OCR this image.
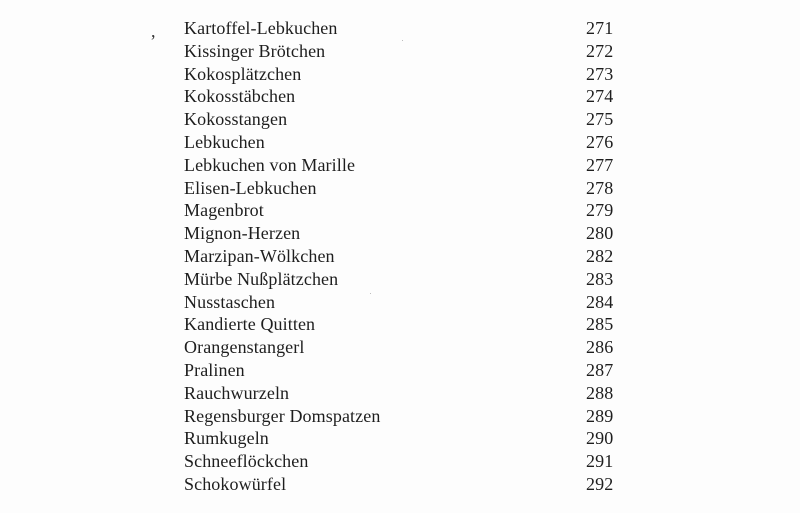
, Kartoffel-Lebkuchen	271
Kissinger Brötchen	272
Kokosplätzchen	273
Kokosstäbchen	274
Kokosstangen	275
Lebkuchen	276
Lebkuchen von Marille	277
Elisen-Lebkuchen	278
Magenbrot	279
Mignon-Herzen	280
Marzipan-Wölkchen	282
Mürbe Nußplätzchen	283
Nusstaschen	284
Kandierte Quitten	285
Orangenstangerl	286
Pralinen	287
Rauchwurzeln	288
Regensburger Domspatzen	289
Rumkugeln	290
Schneeflöckchen	291
Schokowürfel	292
